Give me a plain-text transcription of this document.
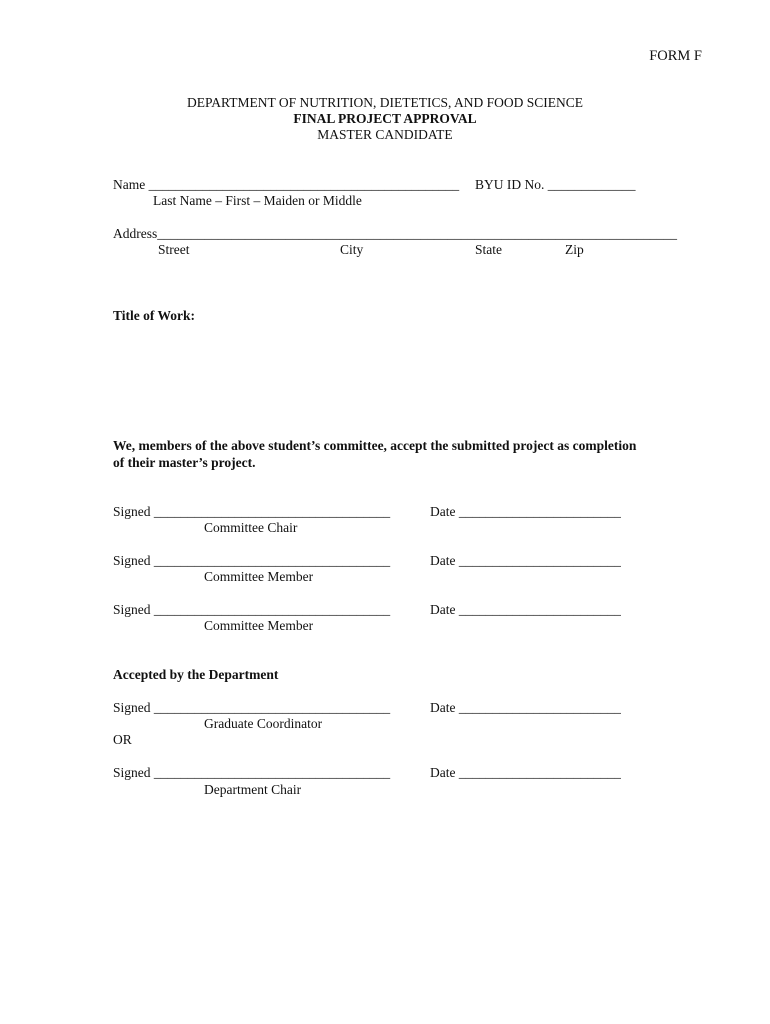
FORM F
DEPARTMENT OF NUTRITION, DIETETICS, AND FOOD SCIENCE
FINAL PROJECT APPROVAL
MASTER CANDIDATE
Name ______________________________________________ BYU ID No. _____________
Last Name – First – Maiden or Middle
Address_____________________________________________________________________________
Street	City	State	Zip
Title of Work:
We, members of the above student’s committee, accept the submitted project as completion
of their master’s project.
Signed ___________________________________	Date ________________________
Committee Chair
Signed ___________________________________	Date ________________________
Committee Member
Signed ___________________________________	Date ________________________
Committee Member
Accepted by the Department
Signed ___________________________________	Date ________________________
Graduate Coordinator
OR
Signed ___________________________________	Date ________________________
Department Chair
